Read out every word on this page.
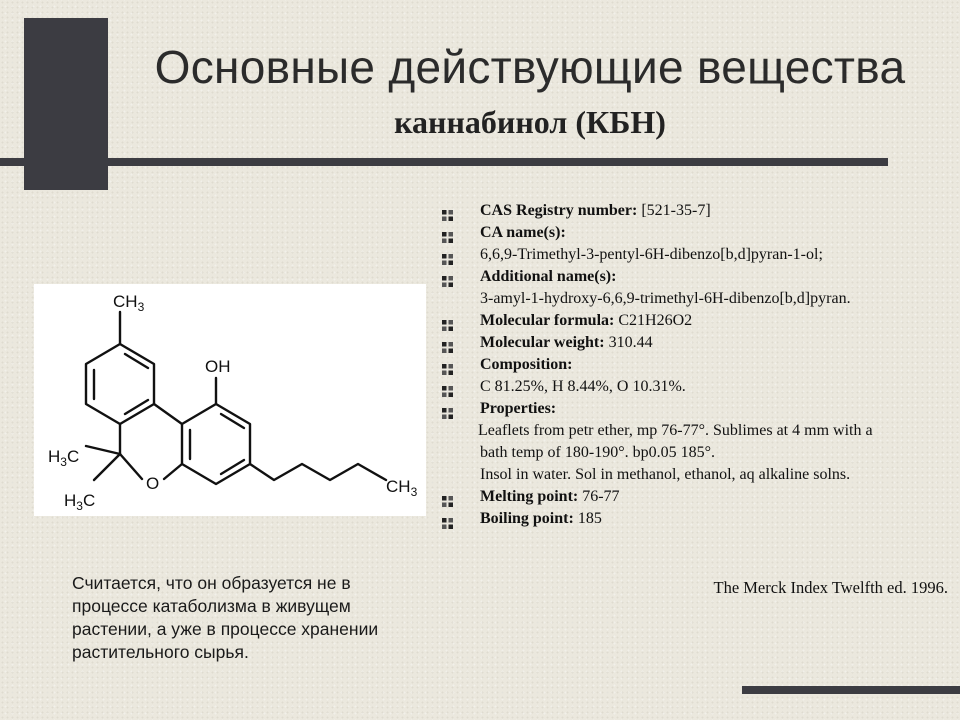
Основные действующие вещества
каннабинол (КБН)
$CH_3$
OH
O
$H_3C$
$H_3C$
$CH_3$
CAS Registry number: [521-35-7]
CA name(s):
6,6,9-Trimethyl-3-pentyl-6H-dibenzo[b,d]pyran-1-ol;
Additional name(s):
3-amyl-1-hydroxy-6,6,9-trimethyl-6H-dibenzo[b,d]pyran.
Molecular formula: C21H26O2
Molecular weight: 310.44
Composition:
C 81.25%, H 8.44%, O 10.31%.
Properties:
Leaflets from petr ether, mp 76-77°. Sublimes at 4 mm with a
bath temp of 180-190°. bp0.05 185°.
Insol in water. Sol in methanol, ethanol, aq alkaline solns.
Melting point: 76-77
Boiling point: 185
Считается, что он образуется не в процессе катаболизма в живущем растении, а уже в процессе хранении растительного сырья.
The Merck Index Twelfth ed. 1996.
